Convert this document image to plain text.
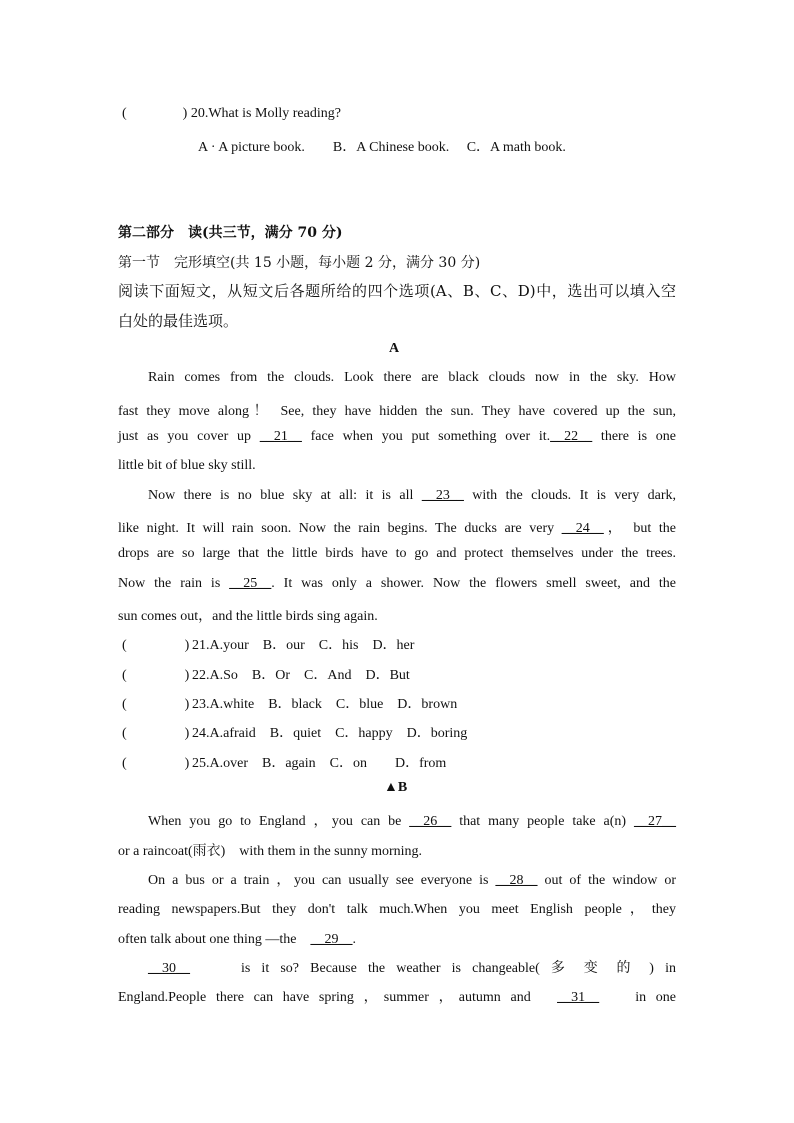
(	) 20.What is Molly reading?
A · A picture book.        B．A Chinese book.     C．A math book.
第二部分　读(共三节，满分 70 分)
第一节　完形填空(共 15 小题，每小题 2 分，满分 30 分)
阅读下面短文，从短文后各题所给的四个选项(A、B、C、D)中，选出可以填入空
白处的最佳选项。
A
Rain comes from the clouds. Look there are black clouds now in the sky. How
fast they move along！ See, they have hidden the sun. They have covered up the sun,
just as you cover up __21__ face when you put something over it.__22__ there is one
little bit of blue sky still.
Now there is no blue sky at all: it is all __23__ with the clouds. It is very dark,
like night. It will rain soon. Now the rain begins. The ducks are very __24__， but the
drops are so large that the little birds have to go and protect themselves under the trees.
Now the rain is __25__. It was only a shower. Now the flowers smell sweet, and the
sun comes out，and the little birds sing again.
(	) 21.A.your　B．our　C．his　D．her
(	) 22.A.So　B．Or　C．And　D．But
(	) 23.A.white　B．black　C．blue　D．brown
(	) 24.A.afraid　B．quiet　C．happy　D．boring
(	) 25.A.over　B．again　C．on　　D．from
▲B
When you go to England ，you can be __26__ that many people take a(n) __27__
or a raincoat(雨衣)　with them in the sunny morning.
On a bus or a train ，you can usually see everyone is __28__ out of the window or
reading newspapers.But they don't talk much.When you meet English people，they
often talk about one thing —the　__29__.
__30__　　is it so? Because the weather is changeable( 多 变 的 ) in
England.People there can have spring ，summer ，autumn and　__31__　 in one
